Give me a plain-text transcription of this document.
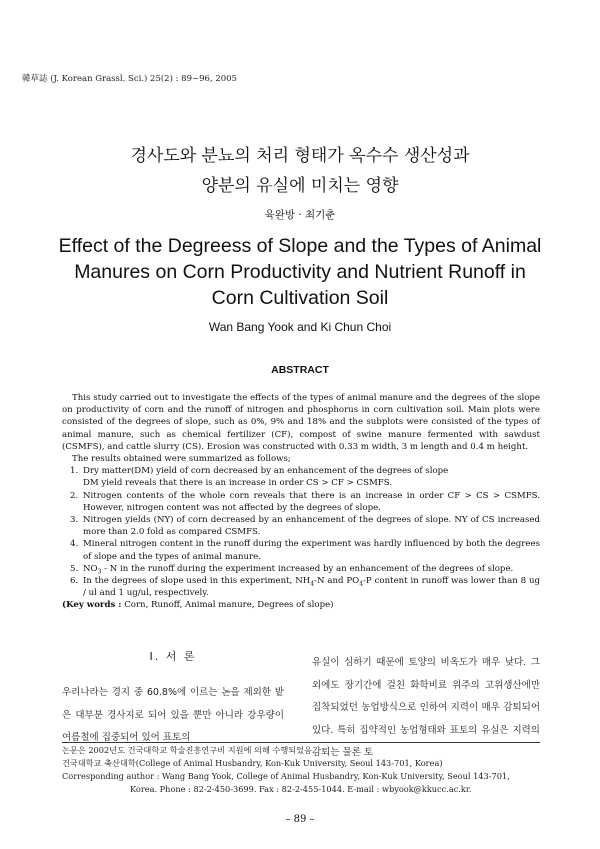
韓草誌 (J. Korean Grassl. Sci.) 25(2) : 89~96, 2005
경사도와 분뇨의 처리 형태가 옥수수 생산성과
양분의 유실에 미치는 영향
육완방 · 최기춘
Effect of the Degreess of Slope and the Types of Animal
Manures on Corn Productivity and Nutrient Runoff in
Corn Cultivation Soil
Wan Bang Yook and Ki Chun Choi
ABSTRACT

This study carried out to investigate the effects of the types of animal manure and the degrees of the slope on productivity of corn and the runoff of nitrogen and phosphorus in corn cultivation soil. Main plots were consisted of the degrees of slope, such as 0%, 9% and 18% and the subplots were consisted of the types of animal manure, such as chemical fertilizer (CF), compost of swine manure fermented with sawdust (CSMFS), and cattle slurry (CS). Erosion was constructed with 0.33 m width, 3 m length and 0.4 m height.

The results obtained were summarized as follows;

1. Dry matter(DM) yield of corn decreased by an enhancement of the degrees of slope
DM yield reveals that there is an increase in order CS > CF > CSMFS.
2. Nitrogen contents of the whole corn reveals that there is an increase in order CF > CS > CSMFS. However, nitrogen content was not affected by the degrees of slope.
3. Nitrogen yields (NY) of corn decreased by an enhancement of the degrees of slope. NY of CS increased more than 2.0 fold as compared CSMFS.
4. Mineral nitrogen content in the runoff during the experiment was hardly influenced by both the degrees of slope and the types of animal manure.
5. $NO_3$ - N in the runoff during the experiment increased by an enhancement of the degrees of slope.
6. In the degrees of slope used in this experiment, $NH_4-N$ and $PO_4-P$ content in runoff was lower than 8 ug / ul and 1 ug/ul, respectively.

(Key words : Corn, Runoff, Animal manure, Degrees of slope)

Ⅰ. 서 론
우리나라는 경지 중 60.8%에 이르는 논을 제외한 밭은 대부분 경사지로 되어 있을 뿐만 아니라 강우량이 여름철에 집중되어 있어 표토의
유실이 심하기 때문에 토양의 비옥도가 매우 낮다. 그 외에도 장기간에 걸친 화학비료 위주의 고위생산에만 집착되었던 농업방식으로 인하여 지력이 매우 감퇴되어 있다. 특히 집약적인 농업형태와 표토의 유실은 지력의 감퇴는 물론 토
논문은 2002년도 건국대학교 학술진흥연구비 지원에 의해 수행되었음.
건국대학교 축산대학(College of Animal Husbandry, Kon-Kuk University, Seoul 143-701, Korea)
Corresponding author : Wang Bang Yook, College of Animal Husbandry, Kon-Kuk University, Seoul 143-701,
Korea. Phone : 82-2-450-3699. Fax : 82-2-455-1044. E-mail : wbyook@kkucc.ac.kr.
– 89 –
